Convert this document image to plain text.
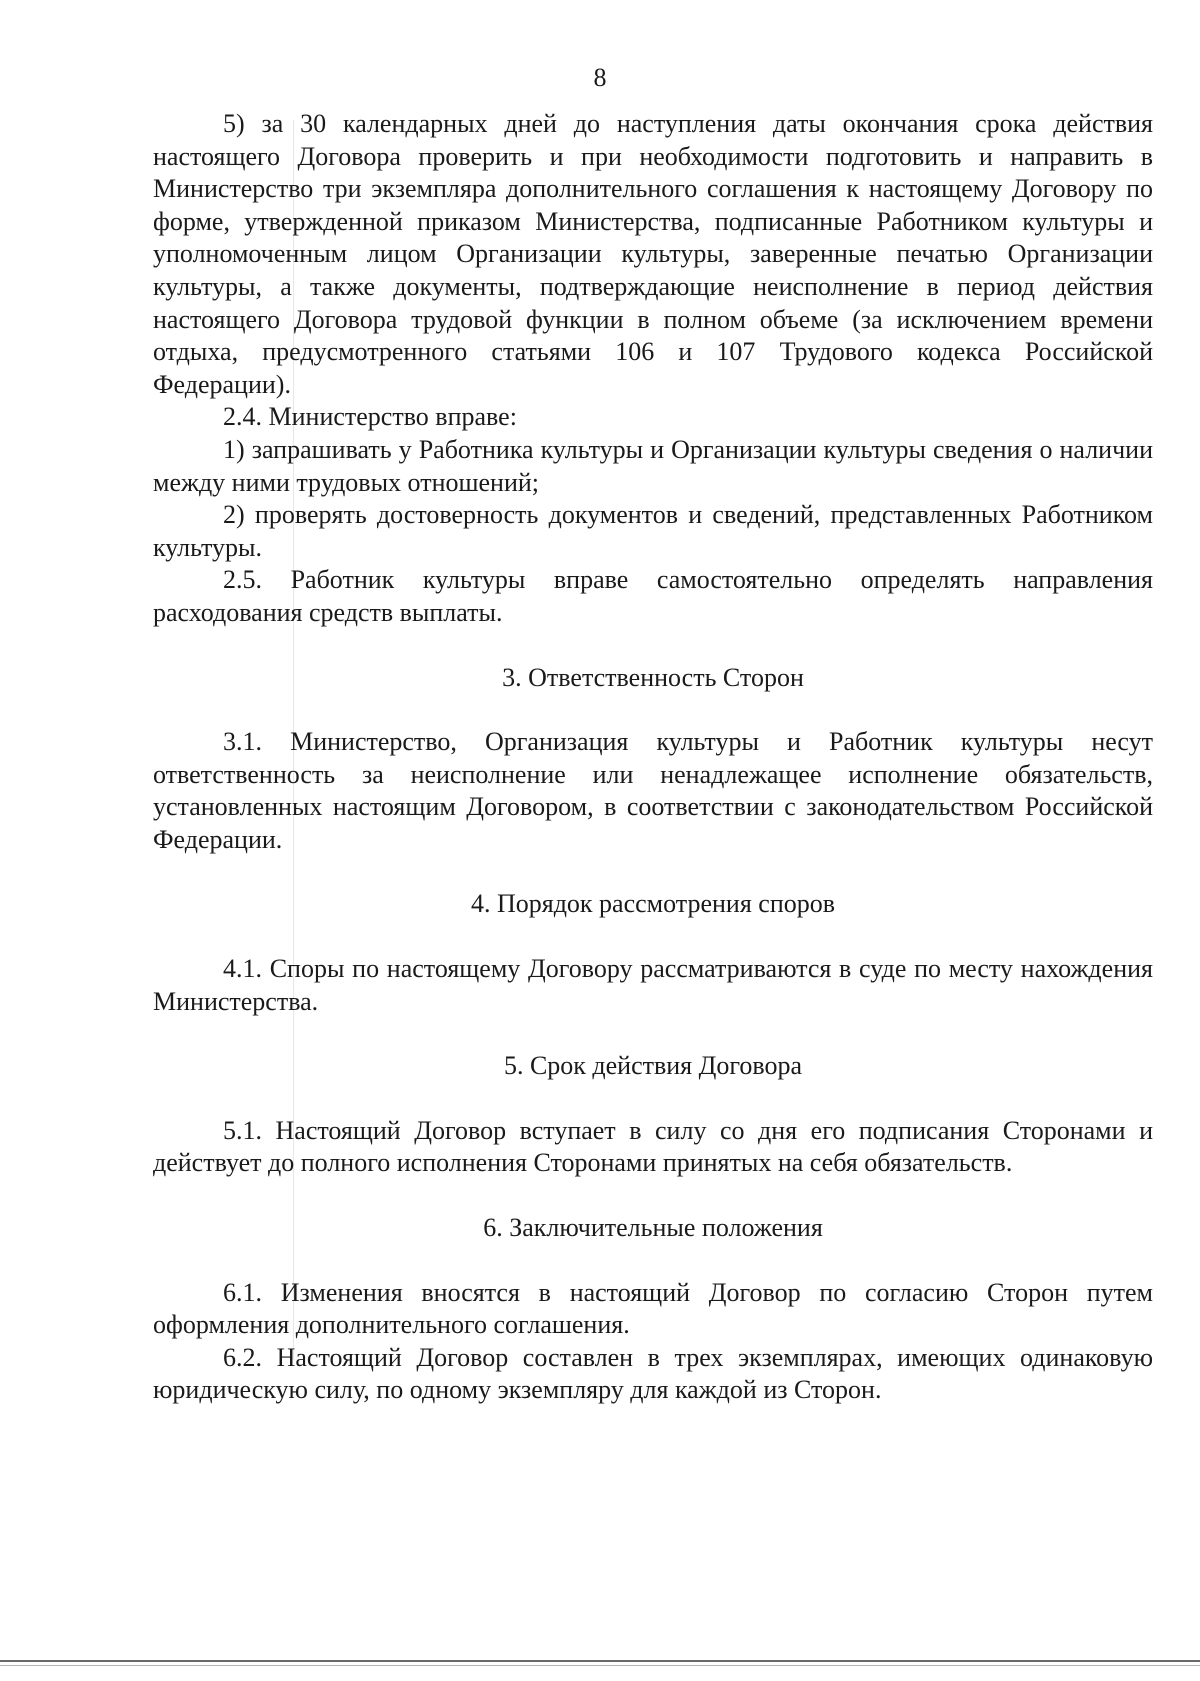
8

5) за 30 календарных дней до наступления даты окончания срока действия настоящего Договора проверить и при необходимости подготовить и направить в Министерство три экземпляра дополнительного соглашения к настоящему Договору по форме, утвержденной приказом Министерства, подписанные Работником культуры и уполномоченным лицом Организации культуры, заверенные печатью Организации культуры, а также документы, подтверждающие неисполнение в период действия настоящего Договора трудовой функции в полном объеме (за исключением времени отдыха, предусмотренного статьями 106 и 107 Трудового кодекса Российской Федерации).

2.4. Министерство вправе:

1) запрашивать у Работника культуры и Организации культуры сведения о наличии между ними трудовых отношений;

2) проверять достоверность документов и сведений, представленных Работником культуры.

2.5. Работник культуры вправе самостоятельно определять направления расходования средств выплаты.

3. Ответственность Сторон

3.1. Министерство, Организация культуры и Работник культуры несут ответственность за неисполнение или ненадлежащее исполнение обязательств, установленных настоящим Договором, в соответствии с законодательством Российской Федерации.

4. Порядок рассмотрения споров

4.1. Споры по настоящему Договору рассматриваются в суде по месту нахождения Министерства.

5. Срок действия Договора

5.1. Настоящий Договор вступает в силу со дня его подписания Сторонами и действует до полного исполнения Сторонами принятых на себя обязательств.

6. Заключительные положения

6.1. Изменения вносятся в настоящий Договор по согласию Сторон путем оформления дополнительного соглашения.

6.2. Настоящий Договор составлен в трех экземплярах, имеющих одинаковую юридическую силу, по одному экземпляру для каждой из Сторон.
